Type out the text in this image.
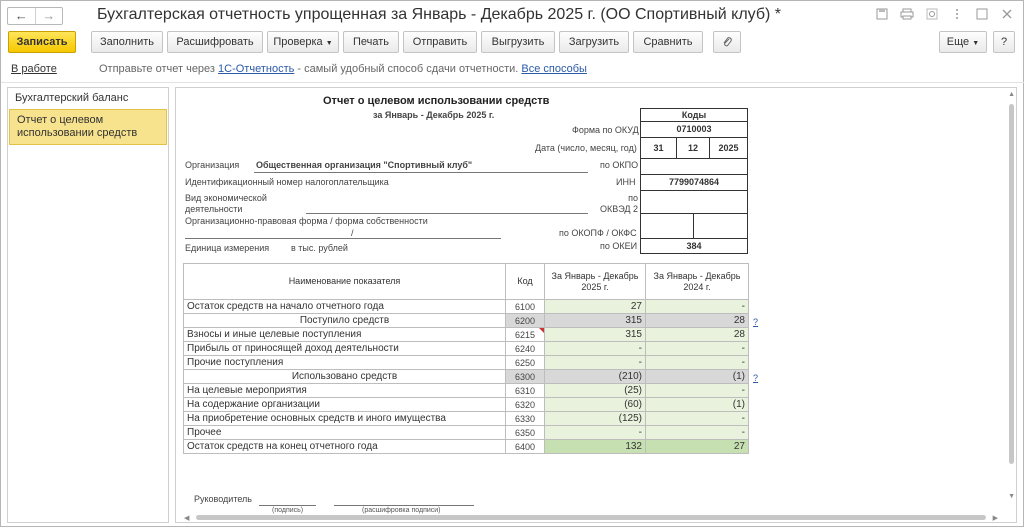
←	→	Бухгалтерская отчетность упрощенная за Январь - Декабрь 2025 г. (ОО Спортивный клуб) *
Записать	Заполнить	Расшифровать	Проверка ▼	Печать	Отправить	Выгрузить	Загрузить	Сравнить	Еще ▼	?
В работе	Отправьте отчет через 1С-Отчетность - самый удобный способ сдачи отчетности. Все способы
Бухгалтерский баланс
Отчет о целевом использовании средств
▲
▼
◀	▶
Отчет о целевом использовании средств
за Январь - Декабрь 2025 г.	Коды
Форма по ОКУД	0710003
Дата (число, месяц, год)	31	12	2025
Организация Общественная организация "Спортивный клуб"	по ОКПО
Идентификационный номер налогоплательщика	ИНН	7799074864
Вид экономической деятельности
по ОКВЭД 2
Организационно-правовая форма / форма собственности
/	по ОКОПФ / ОКФС
Единица измерения в тыс. рублей	по ОКЕИ	384
Наименование показателя	Код	За Январь - Декабрь 2025 г.	За Январь - Декабрь 2024 г.
Остаток средств на начало отчетного года	6100	27	-
Поступило средств	6200	315	28
Взносы и иные целевые поступления	6215	315	28
Прибыль от приносящей доход деятельности	6240	-	-
Прочие поступления	6250	-	-
Использовано средств	6300	(210)	(1)
На целевые мероприятия	6310	(25)	-
На содержание организации	6320	(60)	(1)
На приобретение основных средств и иного имущества	6330	(125)	-
Прочее	6350	-	-
Остаток средств на конец отчетного года	6400	132	27
?
?
Руководитель
(подпись)	(расшифровка подписи)
